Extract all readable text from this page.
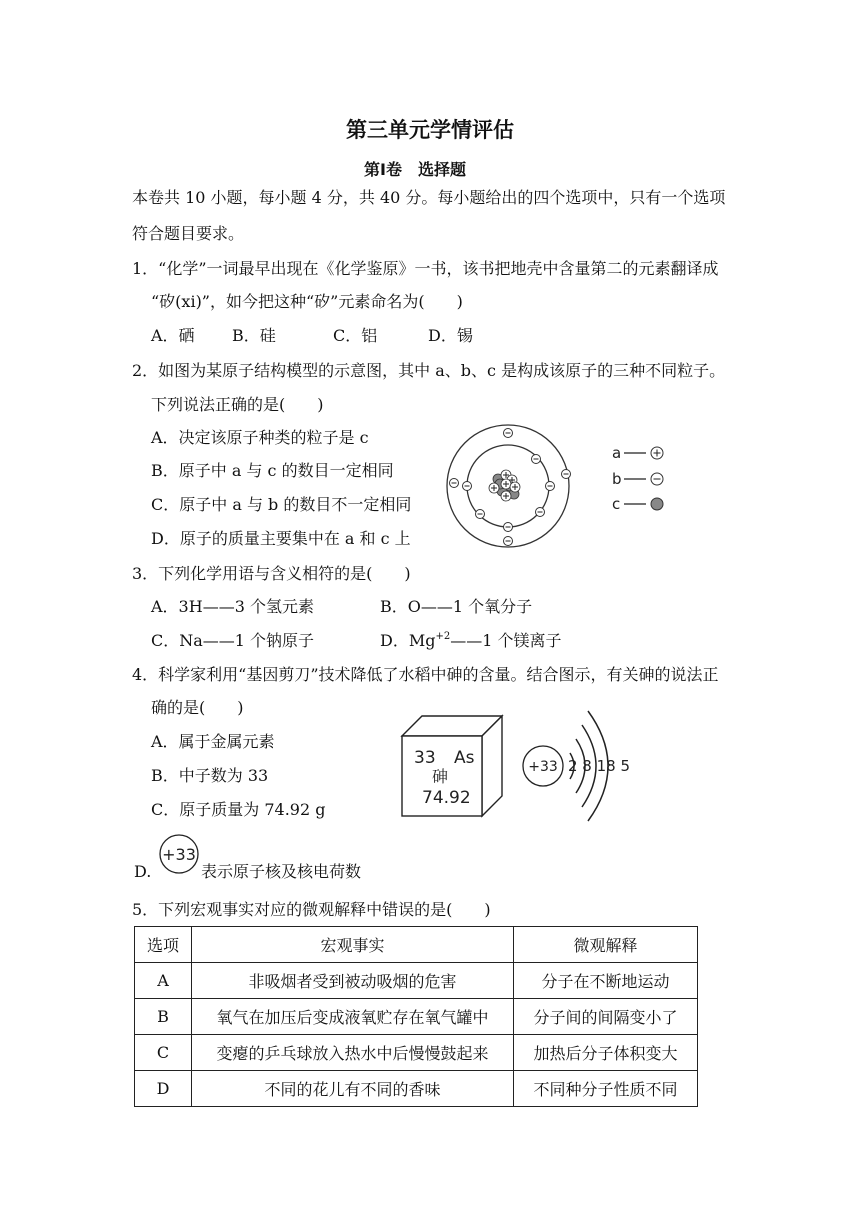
第三单元学情评估
第Ⅰ卷　选择题
本卷共 10 小题，每小题 4 分，共 40 分。每小题给出的四个选项中，只有一个选项
符合题目要求。
1．“化学”一词最早出现在《化学鉴原》一书，该书把地壳中含量第二的元素翻译成
“矽(xi)”，如今把这种“矽”元素命名为(　　)
A．硒 B．硅	C．铝	D．锡
2．如图为某原子结构模型的示意图，其中 a、b、c 是构成该原子的三种不同粒子。
下列说法正确的是(　　)
A．决定该原子种类的粒子是 c
B．原子中 a 与 c 的数目一定相同
C．原子中 a 与 b 的数目不一定相同
D．原子的质量主要集中在 a 和 c 上
a
b
c
3．下列化学用语与含义相符的是(　　)
A．3H——3 个氢元素	B．O——1 个氧分子
C．Na——1 个钠原子	D．$Mg^{+2}——1$ 个镁离子
4．科学家利用“基因剪刀”技术降低了水稻中砷的含量。结合图示，有关砷的说法正
确的是(　　)
A．属于金属元素
B．中子数为 33
C．原子质量为 74.92 g
33 As
砷
74.92
+33 2 8 18 5
+33
D.	表示原子核及核电荷数
5．下列宏观事实对应的微观解释中错误的是(　　)
选项	宏观事实	微观解释
A	非吸烟者受到被动吸烟的危害	分子在不断地运动
B	氧气在加压后变成液氧贮存在氧气罐中	分子间的间隔变小了
C	变瘪的乒乓球放入热水中后慢慢鼓起来	加热后分子体积变大
D	不同的花儿有不同的香味	不同种分子性质不同
